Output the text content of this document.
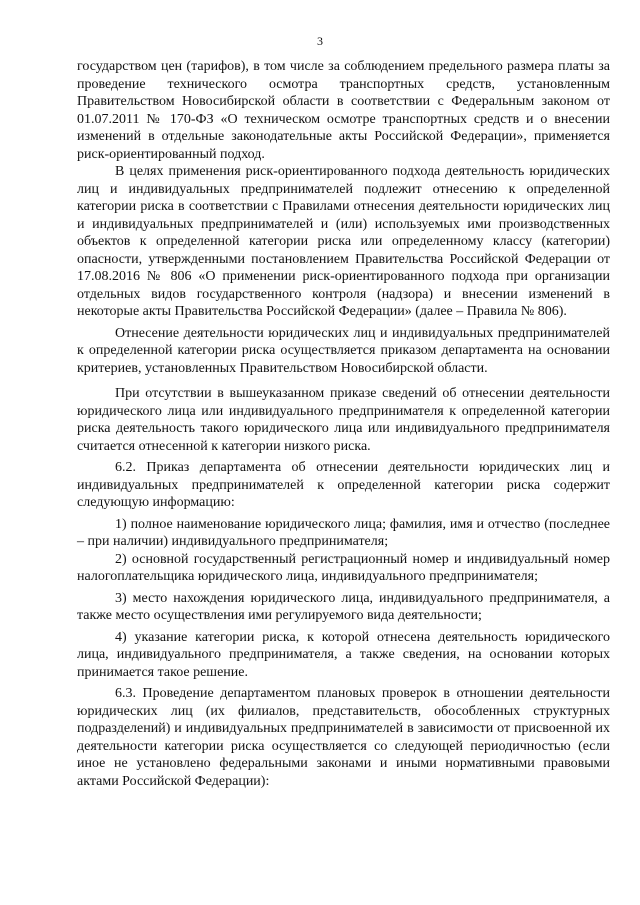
3

государством цен (тарифов), в том числе за соблюдением предельного размера платы за проведение технического осмотра транспортных средств, установленным Правительством Новосибирской области в соответствии с Федеральным законом от 01.07.2011 № 170-ФЗ «О техническом осмотре транспортных средств и о внесении изменений в отдельные законодательные акты Российской Федерации», применяется риск-ориентированный подход.

В целях применения риск-ориентированного подхода деятельность юридических лиц и индивидуальных предпринимателей подлежит отнесению к определенной категории риска в соответствии с Правилами отнесения деятельности юридических лиц и индивидуальных предпринимателей и (или) используемых ими производственных объектов к определенной категории риска или определенному классу (категории) опасности, утвержденными постановлением Правительства Российской Федерации от 17.08.2016 № 806 «О применении риск-ориентированного подхода при организации отдельных видов государственного контроля (надзора) и внесении изменений в некоторые акты Правительства Российской Федерации» (далее – Правила № 806).

Отнесение деятельности юридических лиц и индивидуальных предпринимателей к определенной категории риска осуществляется приказом департамента на основании критериев, установленных Правительством Новосибирской области.

При отсутствии в вышеуказанном приказе сведений об отнесении деятельности юридического лица или индивидуального предпринимателя к определенной категории риска деятельность такого юридического лица или индивидуального предпринимателя считается отнесенной к категории низкого риска.

6.2. Приказ департамента об отнесении деятельности юридических лиц и индивидуальных предпринимателей к определенной категории риска содержит следующую информацию:

1) полное наименование юридического лица; фамилия, имя и отчество (последнее – при наличии) индивидуального предпринимателя;

2) основной государственный регистрационный номер и индивидуальный номер налогоплательщика юридического лица, индивидуального предпринимателя;

3) место нахождения юридического лица, индивидуального предпринимателя, а также место осуществления ими регулируемого вида деятельности;

4) указание категории риска, к которой отнесена деятельность юридического лица, индивидуального предпринимателя, а также сведения, на основании которых принимается такое решение.

6.3. Проведение департаментом плановых проверок в отношении деятельности юридических лиц (их филиалов, представительств, обособленных структурных подразделений) и индивидуальных предпринимателей в зависимости от присвоенной их деятельности категории риска осуществляется со следующей периодичностью (если иное не установлено федеральными законами и иными нормативными правовыми актами Российской Федерации):
